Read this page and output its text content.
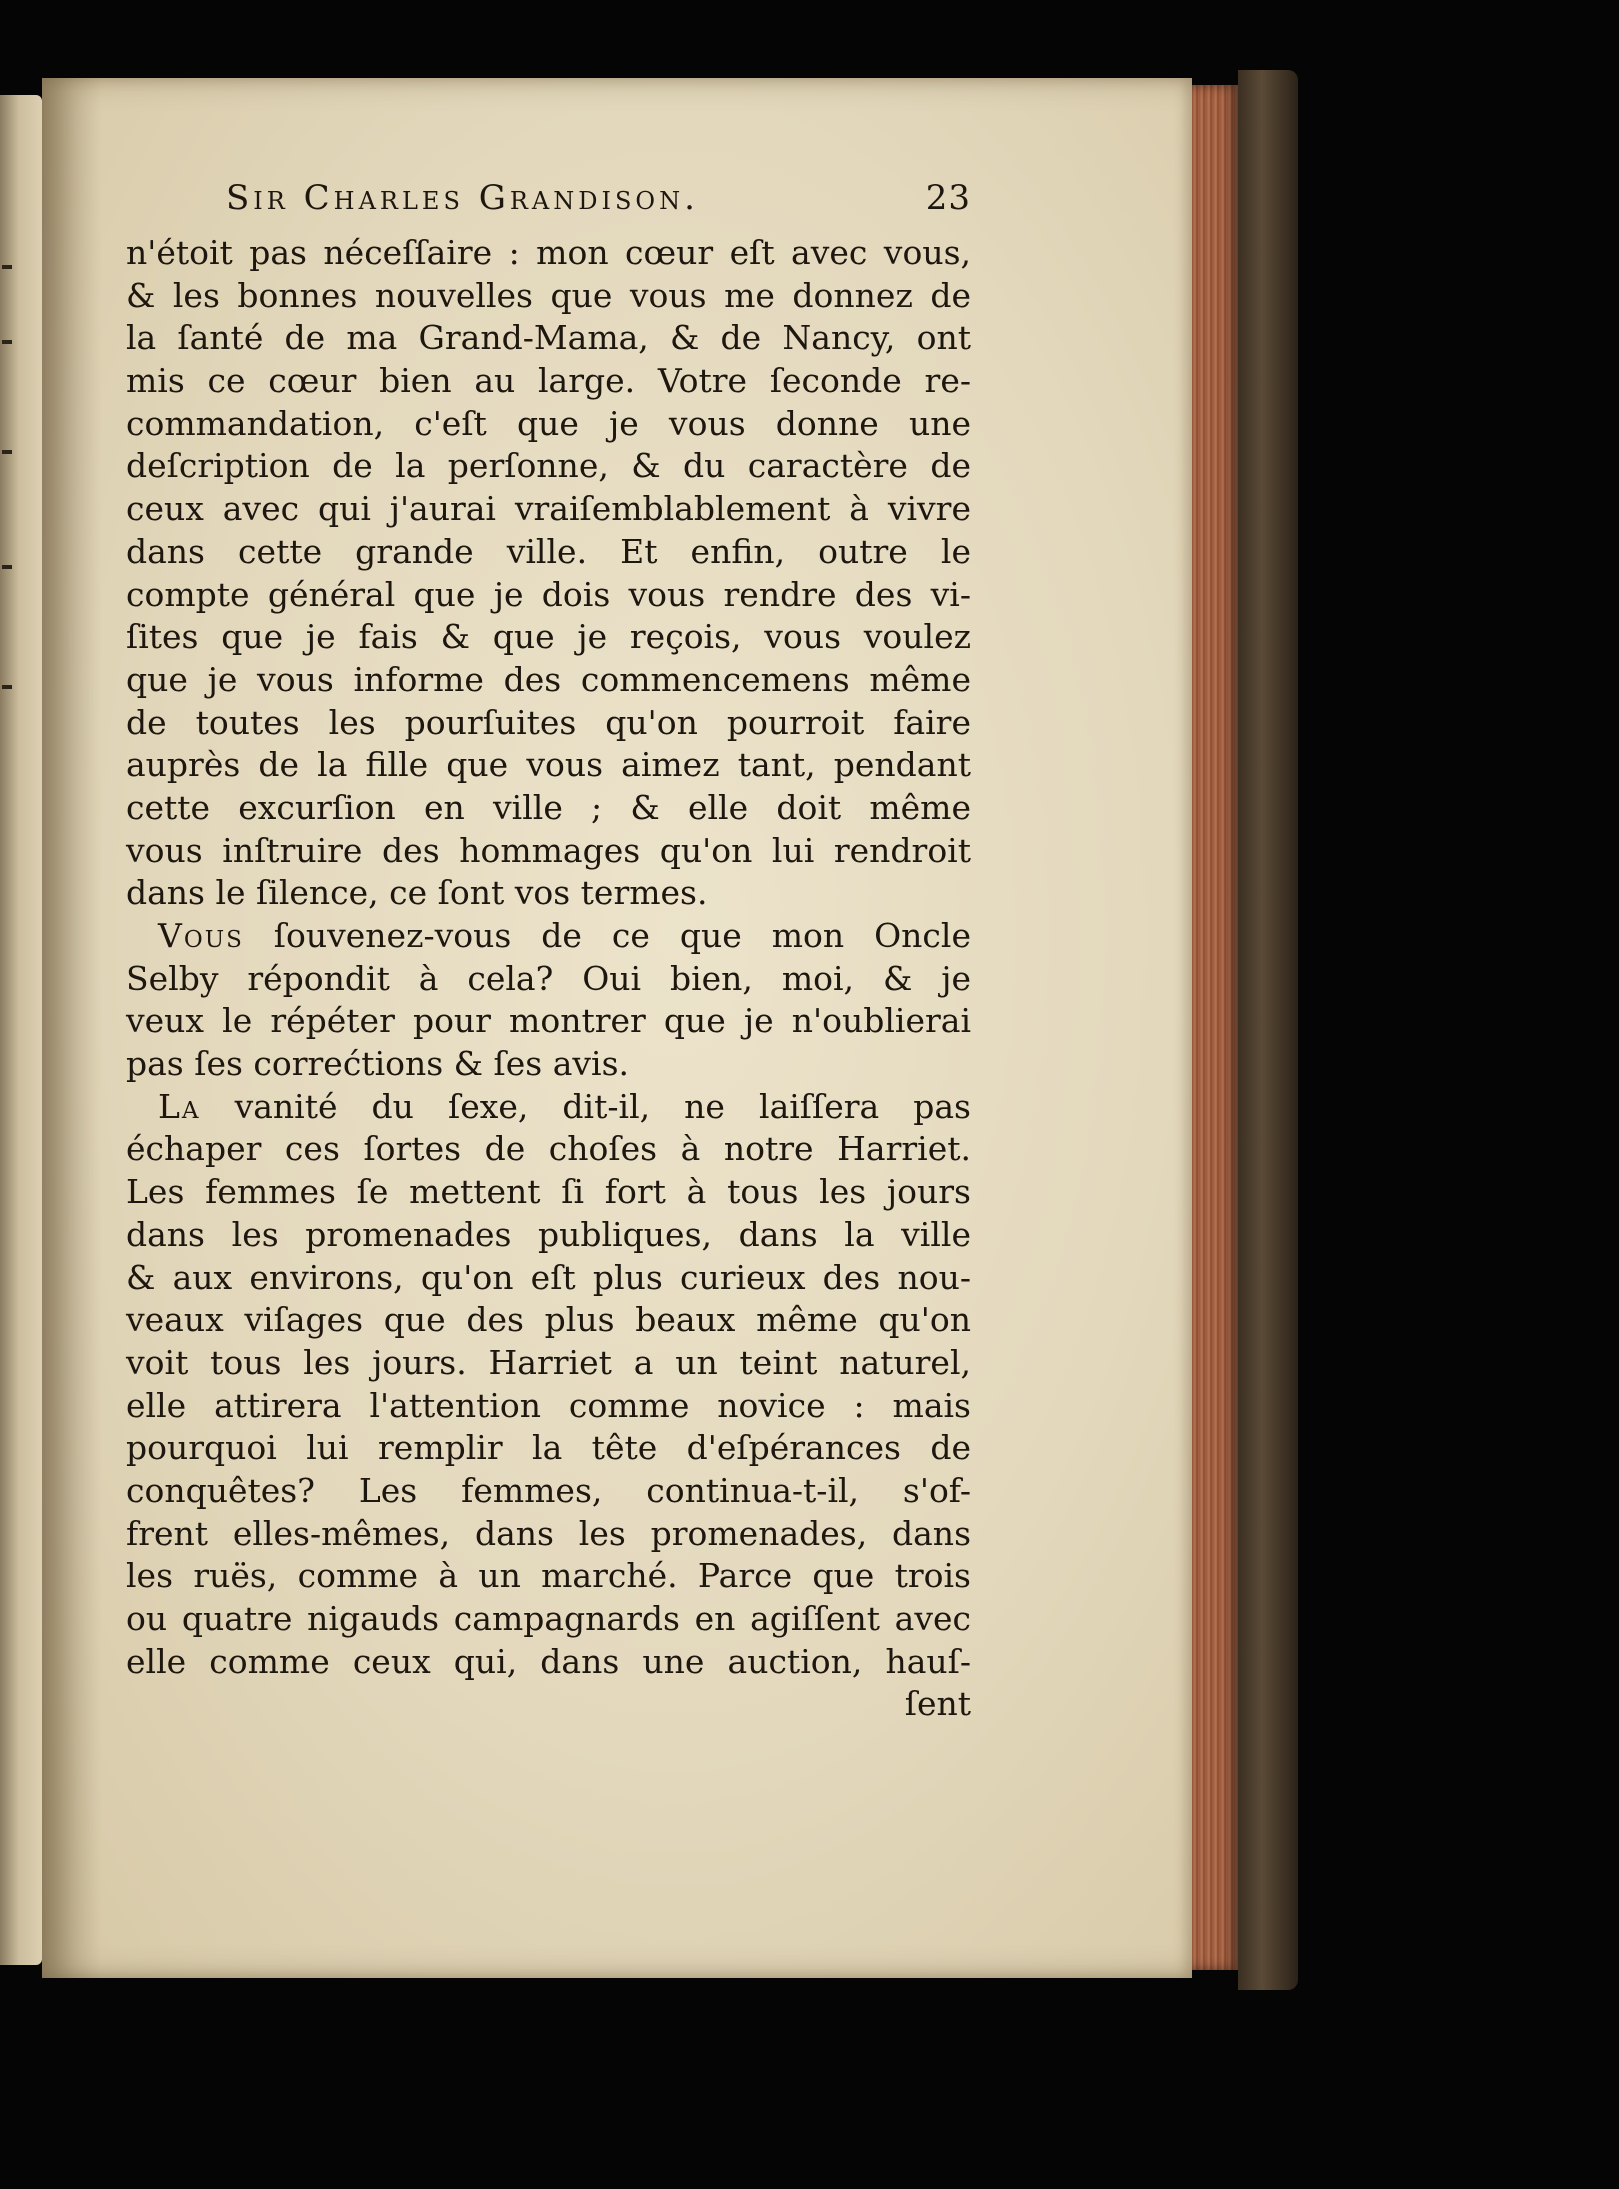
Sir Charles Grandison.	23
n'étoit pas néceſſaire : mon cœur eſt avec vous,
& les bonnes nouvelles que vous me donnez de
la ſanté de ma Grand-Mama, & de Nancy, ont
mis ce cœur bien au large. Votre ſeconde re-
commandation, c'eſt que je vous donne une
deſcription de la perſonne, & du caractère de
ceux avec qui j'aurai vraiſemblablement à vivre
dans cette grande ville. Et enfin, outre le
compte général que je dois vous rendre des vi-
ſites que je fais & que je reçois, vous voulez
que je vous informe des commencemens même
de toutes les pourſuites qu'on pourroit faire
auprès de la fille que vous aimez tant, pendant
cette excurſion en ville ; & elle doit même
vous inſtruire des hommages qu'on lui rendroit
dans le ſilence, ce ſont vos termes.
Vous ſouvenez-vous de ce que mon Oncle
Selby répondit à cela? Oui bien, moi, & je
veux le répéter pour montrer que je n'oublierai
pas ſes correćtions & ſes avis.
La vanité du ſexe, dit-il, ne laiſſera pas
échaper ces ſortes de choſes à notre Harriet.
Les femmes ſe mettent ſi fort à tous les jours
dans les promenades publiques, dans la ville
& aux environs, qu'on eſt plus curieux des nou-
veaux viſages que des plus beaux même qu'on
voit tous les jours. Harriet a un teint naturel,
elle attirera l'attention comme novice : mais
pourquoi lui remplir la tête d'eſpérances de
conquêtes? Les femmes, continua-t-il, s'of-
frent elles-mêmes, dans les promenades, dans
les ruës, comme à un marché. Parce que trois
ou quatre nigauds campagnards en agiſſent avec
elle comme ceux qui, dans une auction, hauſ-
ſent
